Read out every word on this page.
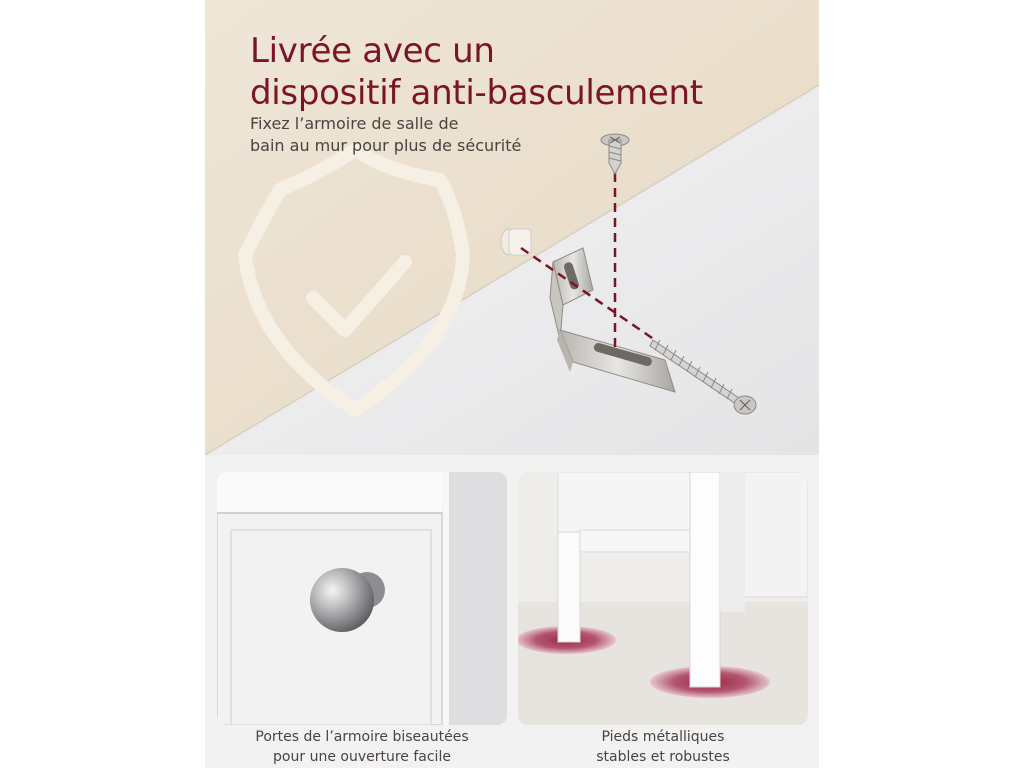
Livrée avec un
dispositif anti-basculement

Fixez l’armoire de salle de
bain au mur pour plus de sécurité

Portes de l’armoire biseautées
pour une ouverture facile

Pieds métalliques
stables et robustes
